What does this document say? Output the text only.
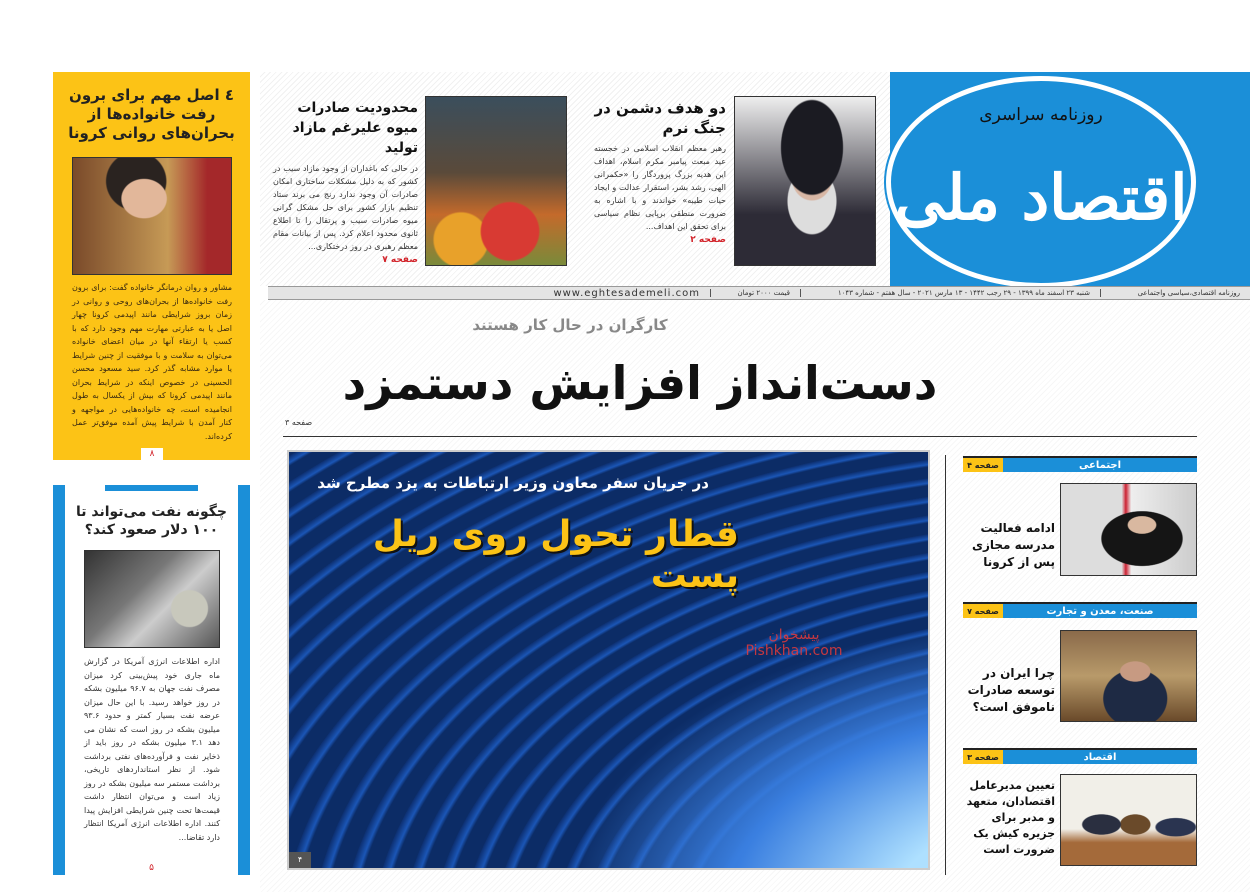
روزنامه سراسری
اقتصاد ملی
دو هدف دشمن در جنگ نرم

رهبر معظم انقلاب اسلامی در خجسته عید مبعث پیامبر مکرم اسلام، اهداف این هدیه بزرگ پروردگار را «حکمرانی الهی، رشد بشر، استقرار عدالت و ایجاد حیات طیبه» خواندند و با اشاره به ضرورت منطقی برپایی نظام سیاسی برای تحقق این اهداف...

صفحه ۲
محدودیت صادرات میوه علیرغم مازاد تولید

در حالی که باغداران از وجود مازاد سیب در کشور که به دلیل مشکلات ساختاری امکان صادرات آن وجود ندارد رنج می برند ستاد تنظیم بازار کشور برای حل مشکل گرانی میوه صادرات سیب و پرتقال را تا اطلاع ثانوی محدود اعلام کرد. پس از بیانات مقام معظم رهبری در روز درختکاری...

صفحه ۷
روزنامه اقتصادی،سیاسی واجتماعی
شنبه ۲۳ اسفند ماه ۱۳۹۹ - ۲۹ رجب ۱۴۴۲ - ۱۳ مارس ۲۰۲۱ - سال هفتم - شماره ۱۰۴۳
قیمت ۲۰۰۰ تومان
www.eghtesademeli.com
٤ اصل مهم برای برون رفت خانواده‌ها از بحران‌های روانی کرونا

مشاور و روان درمانگر خانواده گفت: برای برون رفت خانواده‌ها از بحران‌های روحی و روانی در زمان بروز شرایطی مانند اپیدمی کرونا چهار اصل یا به عبارتی مهارت مهم وجود دارد که با کسب یا ارتقاء آنها در میان اعضای خانواده می‌توان به سلامت و با موفقیت از چنین شرایط یا موارد مشابه گذر کرد. سید مسعود محسن الحسینی در خصوص اینکه در شرایط بحران مانند اپیدمی کرونا که بیش از یکسال به طول انجامیده است، چه خانواده‌هایی در مواجهه و کنار آمدن با شرایط پیش آمده موفق‌تر عمل کرده‌اند.

۸
چگونه نفت می‌تواند تا ۱۰۰ دلار صعود کند؟

اداره اطلاعات انرژی آمریکا در گزارش ماه جاری خود پیش‌بینی کرد میزان مصرف نفت جهان به ۹۶.۷ میلیون بشکه در روز خواهد رسید. با این حال میزان عرضه نفت بسیار کمتر و حدود ۹۳.۶ میلیون بشکه در روز است که نشان می دهد ۳.۱ میلیون بشکه در روز باید از ذخایر نفت و فرآورده‌های نفتی برداشت شود. از نظر استانداردهای تاریخی، برداشت مستمر سه میلیون بشکه در روز زیاد است و می‌توان انتظار داشت قیمت‌ها تحت چنین شرایطی افزایش پیدا کنند. اداره اطلاعات انرژی آمریکا انتظار دارد تقاضا...

۵
کارگران در حال کار هستند
دست‌انداز افزایش دستمزد
صفحه ۳
در جریان سفر معاون وزیر ارتباطات به یزد مطرح شد
قطار تحول روی ریل پست
پیشخوان Pishkhan.com
۴
اجتماعی
صفحه ۴
ادامه فعالیت مدرسه مجازی پس از کرونا
صنعت، معدن و تجارت
صفحه ۷
چرا ایران در توسعه صادرات ناموفق است؟
اقتصاد
صفحه ۳
تعیین مدیرعامل اقتصادان، متعهد و مدبر برای جزیره کیش یک ضرورت است
